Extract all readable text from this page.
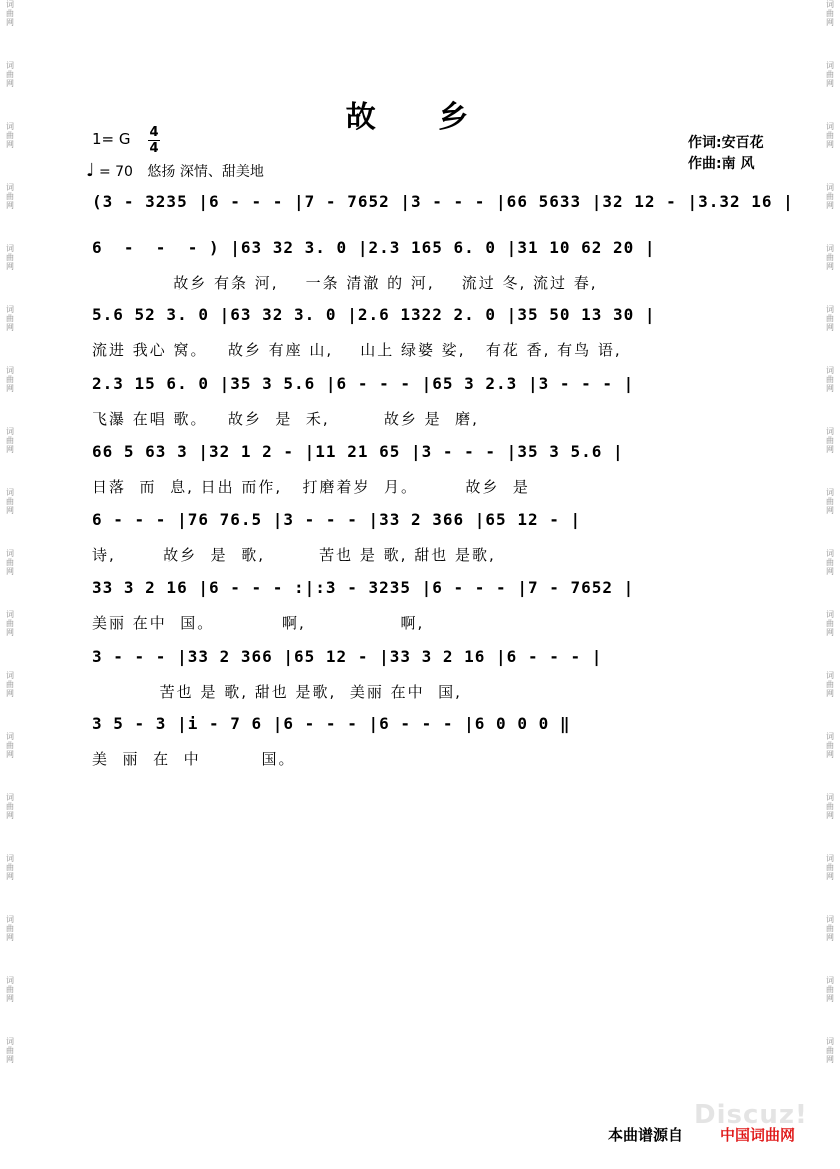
词
曲
网
词
曲
网
词
曲
网
词
曲
网
词
曲
网
词
曲
网
词
曲
网
词
曲
网
词
曲
网
词
曲
网
词
曲
网
词
曲
网
词
曲
网
词
曲
网
词
曲
网
词
曲
网
词
曲
网
词
曲
网
词
曲
网
词
曲
网
词
曲
网
词
曲
网
词
曲
网
词
曲
网
词
曲
网
词
曲
网
词
曲
网
词
曲
网
词
曲
网
词
曲
网
词
曲
网
词
曲
网
词
曲
网
词
曲
网
词
曲
网
词
曲
网
故 乡
1= G 4
4
♩ = 70 悠扬 深情、甜美地
作词:安百花
作曲:南 风
(3 - 3235 |6 - - - |7 - 7652 |3 - - - |66 5633 |32 12 - |3.32 16 |
6  -  -  - ) |63 32 3. 0 |2.3 165 6. 0 |31 10 62 20 |
故乡 有条 河,    一条 清澈 的 河,    流过 冬, 流过 春,
5.6 52 3. 0 |63 32 3. 0 |2.6 1322 2. 0 |35 50 13 30 |
流进 我心 窝。   故乡 有座 山,    山上 绿婆 娑,   有花 香, 有鸟 语,
2.3 15 6. 0 |35 3 5.6 |6 - - - |65 3 2.3 |3 - - - |
飞瀑 在唱 歌。   故乡  是  禾,        故乡 是  磨,
66 5 63 3 |32 1 2 - |11 21 65 |3 - - - |35 3 5.6 |
日落  而  息, 日出 而作,   打磨着岁  月。       故乡  是
6 - - - |76 76.5 |3 - - - |33 2 366 |65 12 - |
诗,       故乡  是  歌,        苦也 是 歌, 甜也 是歌,
33 3 2 16 |6 - - - :|:3 - 3235 |6 - - - |7 - 7652 |
美丽 在中  国。          啊,              啊,
3 - - - |33 2 366 |65 12 - |33 3 2 16 |6 - - - |
苦也 是 歌, 甜也 是歌,  美丽 在中  国,
3 5 - 3 |i - 7 6 |6 - - - |6 - - - |6 0 0 0 ‖
美  丽  在  中         国。
Discuz!
本曲谱源自 中国词曲网
